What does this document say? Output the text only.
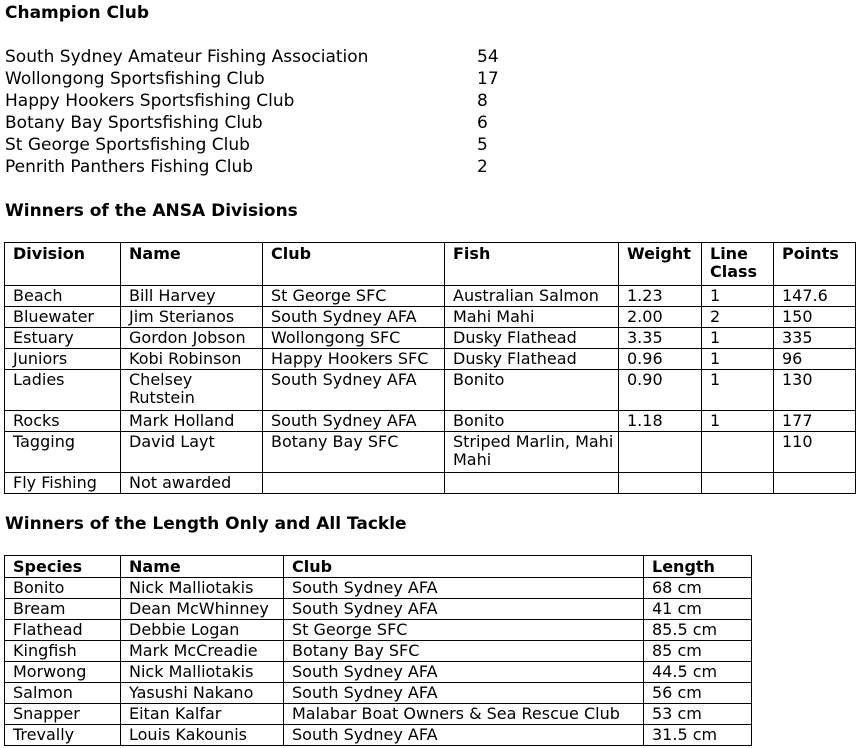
Champion Club
South Sydney Amateur Fishing Association	54
Wollongong Sportsfishing Club	17
Happy Hookers Sportsfishing Club	8
Botany Bay Sportsfishing Club	6
St George Sportsfishing Club	5
Penrith Panthers Fishing Club	2
Winners of the ANSA Divisions
Division	Name	Club	Fish	Weight	Line Class	Points
Beach	Bill Harvey	St George SFC	Australian Salmon	1.23	1	147.6
Bluewater	Jim Sterianos	South Sydney AFA	Mahi Mahi	2.00	2	150
Estuary	Gordon Jobson	Wollongong SFC	Dusky Flathead	3.35	1	335
Juniors	Kobi Robinson	Happy Hookers SFC	Dusky Flathead	0.96	1	96
Ladies	Chelsey Rutstein	South Sydney AFA	Bonito	0.90	1	130
Rocks	Mark Holland	South Sydney AFA	Bonito	1.18	1	177
Tagging	David Layt	Botany Bay SFC	Striped Marlin, Mahi Mahi			110
Fly Fishing	Not awarded					
Winners of the Length Only and All Tackle
Species	Name	Club	Length
Bonito	Nick Malliotakis	South Sydney AFA	68 cm
Bream	Dean McWhinney	South Sydney AFA	41 cm
Flathead	Debbie Logan	St George SFC	85.5 cm
Kingfish	Mark McCreadie	Botany Bay SFC	85 cm
Morwong	Nick Malliotakis	South Sydney AFA	44.5 cm
Salmon	Yasushi Nakano	South Sydney AFA	56 cm
Snapper	Eitan Kalfar	Malabar Boat Owners & Sea Rescue Club	53 cm
Trevally	Louis Kakounis	South Sydney AFA	31.5 cm
